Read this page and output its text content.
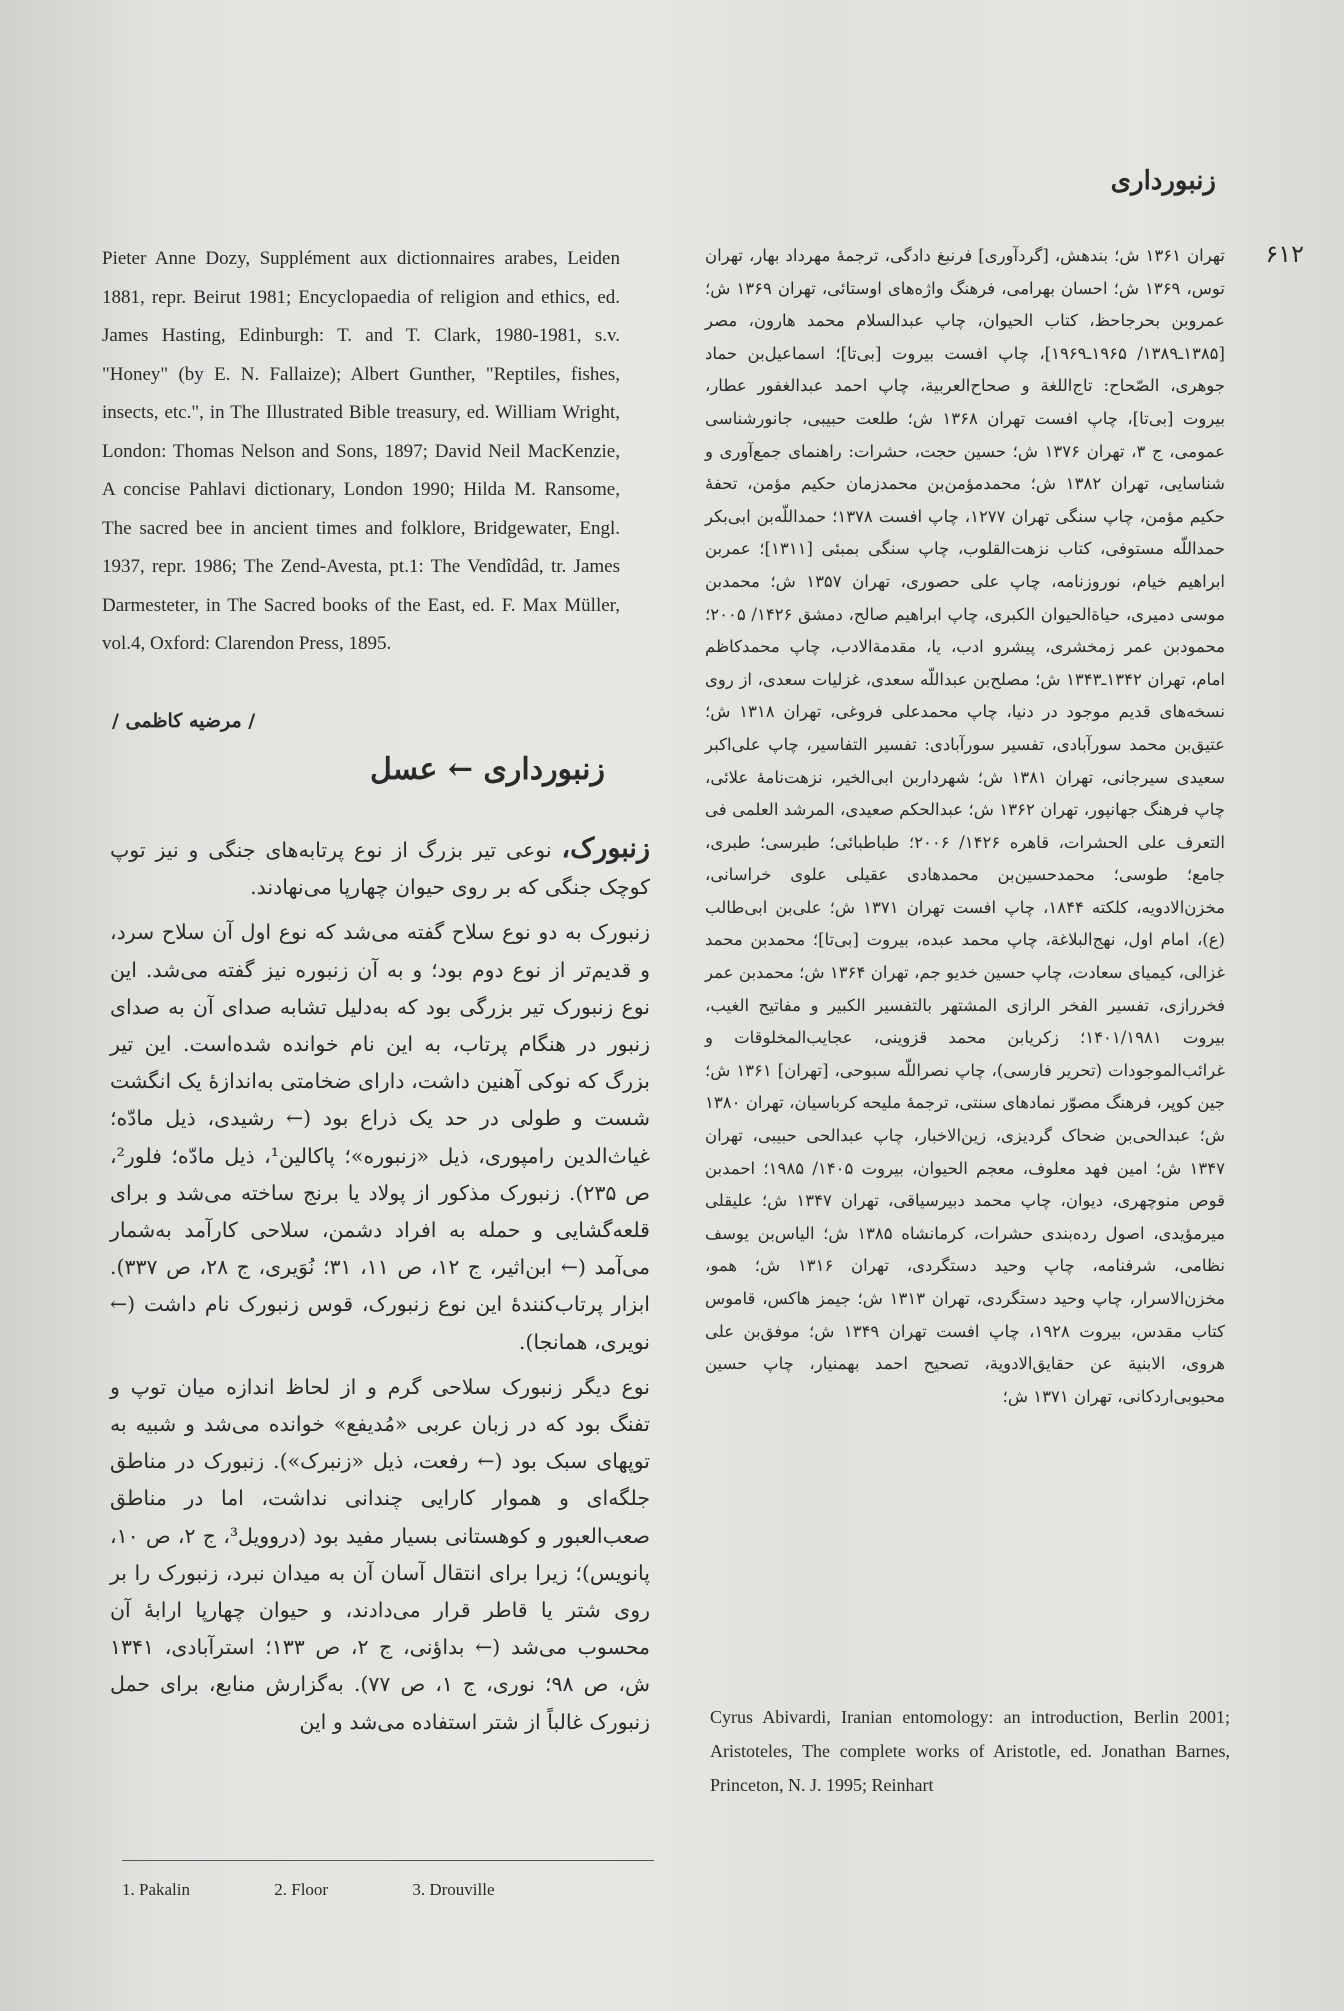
زنبورداری
۶۱۲

تهران ۱۳۶۱ ش؛ بندهش، [گردآوری] فرنبغ دادگی، ترجمهٔ مهرداد بهار، تهران توس، ۱۳۶۹ ش؛ احسان بهرامی، فرهنگ واژه‌های اوستائی، تهران ۱۳۶۹ ش؛ عمروبن بحرجاحظ، کتاب الحیوان، چاپ عبدالسلام محمد هارون، مصر [۱۳۸۵ـ۱۳۸۹/ ۱۹۶۵ـ۱۹۶۹]، چاپ افست بیروت [بی‌تا]؛ اسماعیل‌بن حماد جوهری، الصّحاح: تاج‌اللغة و صحاح‌العربیة، چاپ احمد عبدالغفور عطار، بیروت [بی‌تا]، چاپ افست تهران ۱۳۶۸ ش؛ طلعت حبیبی، جانورشناسی عمومی، ج ۳، تهران ۱۳۷۶ ش؛ حسین حجت، حشرات: راهنمای جمع‌آوری و شناسایی، تهران ۱۳۸۲ ش؛ محمدمؤمن‌بن محمدزمان حکیم مؤمن، تحفهٔ حکیم مؤمن، چاپ سنگی تهران ۱۲۷۷، چاپ افست ۱۳۷۸؛ حمداللّه‌بن ابی‌بکر حمداللّه مستوفی، کتاب نزهت‌القلوب، چاپ سنگی بمبئی [۱۳۱۱]؛ عمربن ابراهیم خیام، نوروزنامه، چاپ علی حصوری، تهران ۱۳۵۷ ش؛ محمدبن موسی دمیری، حیاة‌الحیوان الکبری، چاپ ابراهیم صالح، دمشق ۱۴۲۶/ ۲۰۰۵؛ محمودبن عمر زمخشری، پیشرو ادب، یا، مقدمة‌الادب، چاپ محمدکاظم امام، تهران ۱۳۴۲ـ۱۳۴۳ ش؛ مصلح‌بن عبداللّه سعدی، غزلیات سعدی، از روی نسخه‌های قدیم موجود در دنیا، چاپ محمدعلی فروغی، تهران ۱۳۱۸ ش؛ عتیق‌بن محمد سورآبادی، تفسیر سورآبادی: تفسیر التفاسیر، چاپ علی‌اکبر سعیدی سیرجانی، تهران ۱۳۸۱ ش؛ شهرداربن ابی‌الخیر، نزهت‌نامهٔ علائی، چاپ فرهنگ جهانپور، تهران ۱۳۶۲ ش؛ عبدالحکم صعیدی، المرشد العلمی فی التعرف علی الحشرات، قاهره ۱۴۲۶/ ۲۰۰۶؛ طباطبائی؛ طبرسی؛ طبری، جامع؛ طوسی؛ محمدحسین‌بن محمدهادی عقیلی علوی خراسانی، مخزن‌الادویه، کلکته ۱۸۴۴، چاپ افست تهران ۱۳۷۱ ش؛ علی‌بن ابی‌طالب (ع)، امام اول، نهج‌البلاغة، چاپ محمد عبده، بیروت [بی‌تا]؛ محمدبن محمد غزالی، کیمیای سعادت، چاپ حسین خدیو جم، تهران ۱۳۶۴ ش؛ محمدبن عمر فخررازی، تفسیر الفخر الرازی المشتهر بالتفسیر الکبیر و مفاتیح الغیب، بیروت ۱۴۰۱/۱۹۸۱؛ زکریابن محمد قزوینی، عجایب‌المخلوقات و غرائب‌الموجودات (تحریر فارسی)، چاپ نصراللّه سبوحی، [تهران] ۱۳۶۱ ش؛ جین کوپر، فرهنگ مصوّر نمادهای سنتی، ترجمهٔ ملیحه کرباسیان، تهران ۱۳۸۰ ش؛ عبدالحی‌بن ضحاک گردیزی، زین‌الاخبار، چاپ عبدالحی حبیبی، تهران ۱۳۴۷ ش؛ امین فهد معلوف، معجم الحیوان، بیروت ۱۴۰۵/ ۱۹۸۵؛ احمدبن قوص منوچهری، دیوان، چاپ محمد دبیرسیاقی، تهران ۱۳۴۷ ش؛ علیقلی میرمؤیدی، اصول رده‌بندی حشرات، کرمانشاه ۱۳۸۵ ش؛ الیاس‌بن یوسف نظامی، شرفنامه، چاپ وحید دستگردی، تهران ۱۳۱۶ ش؛ همو، مخزن‌الاسرار، چاپ وحید دستگردی، تهران ۱۳۱۳ ش؛ جیمز هاکس، قاموس کتاب مقدس، بیروت ۱۹۲۸، چاپ افست تهران ۱۳۴۹ ش؛ موفق‌بن علی هروی، الابنیة عن حقایق‌الادویة، تصحیح احمد بهمنیار، چاپ حسین محبوبی‌اردکانی، تهران ۱۳۷۱ ش؛

Cyrus Abivardi, Iranian entomology: an introduction, Berlin 2001; Aristoteles, The complete works of Aristotle, ed. Jonathan Barnes, Princeton, N. J. 1995; Reinhart
Pieter Anne Dozy, Supplément aux dictionnaires arabes, Leiden 1881, repr. Beirut 1981; Encyclopaedia of religion and ethics, ed. James Hasting, Edinburgh: T. and T. Clark, 1980-1981, s.v. "Honey" (by E. N. Fallaize); Albert Gunther, "Reptiles, fishes, insects, etc.", in The Illustrated Bible treasury, ed. William Wright, London: Thomas Nelson and Sons, 1897; David Neil MacKenzie, A concise Pahlavi dictionary, London 1990; Hilda M. Ransome, The sacred bee in ancient times and folklore, Bridgewater, Engl. 1937, repr. 1986; The Zend-Avesta, pt.1: The Vendîdâd, tr. James Darmesteter, in The Sacred books of the East, ed. F. Max Müller, vol.4, Oxford: Clarendon Press, 1895.
/ مرضیه کاظمی /
زنبورداری ← عسل

زنبورک، نوعی تیر بزرگ از نوع پرتابه‌های جنگی و نیز توپ کوچک جنگی که بر روی حیوان چهارپا می‌نهادند.

زنبورک به دو نوع سلاح گفته می‌شد که نوع اول آن سلاح سرد، و قدیم‌تر از نوع دوم بود؛ و به آن زنبوره نیز گفته می‌شد. این نوع زنبورک تیر بزرگی بود که به‌دلیل تشابه صدای آن به صدای زنبور در هنگام پرتاب، به این نام خوانده شده‌است. این تیر بزرگ که نوکی آهنین داشت، دارای ضخامتی به‌اندازهٔ یک انگشت شست و طولی در حد یک ذراع بود (← رشیدی، ذیل مادّه؛ غیاث‌الدین رامپوری، ذیل «زنبوره»؛ پاکالین¹، ذیل مادّه؛ فلور²، ص ۲۳۵). زنبورک مذکور از پولاد یا برنج ساخته می‌شد و برای قلعه‌گشایی و حمله به افراد دشمن، سلاحی کارآمد به‌شمار می‌آمد (← ابن‌اثیر، ج ۱۲، ص ۱۱، ۳۱؛ نُوَیری، ج ۲۸، ص ۳۳۷). ابزار پرتاب‌کنندهٔ این نوع زنبورک، قوس زنبورک نام داشت (← نویری، همانجا).

نوع دیگر زنبورک سلاحی گرم و از لحاظ اندازه میان توپ و تفنگ بود که در زبان عربی «مُدیفع» خوانده می‌شد و شبیه به توپهای سبک بود (← رفعت، ذیل «زنبرک»). زنبورک در مناطق جلگه‌ای و هموار کارایی چندانی نداشت، اما در مناطق صعب‌العبور و کوهستانی بسیار مفید بود (دروویل³، ج ۲، ص ۱۰، پانویس)؛ زیرا برای انتقال آسان آن به میدان نبرد، زنبورک را بر روی شتر یا قاطر قرار می‌دادند، و حیوان چهارپا ارابهٔ آن محسوب می‌شد (← بداؤنی، ج ۲، ص ۱۳۳؛ استرآبادی، ۱۳۴۱ ش، ص ۹۸؛ نوری، ج ۱، ص ۷۷). به‌گزارش منابع، برای حمل زنبورک غالباً از شتر استفاده می‌شد و این

1. Pakalin	2. Floor	3. Drouville
